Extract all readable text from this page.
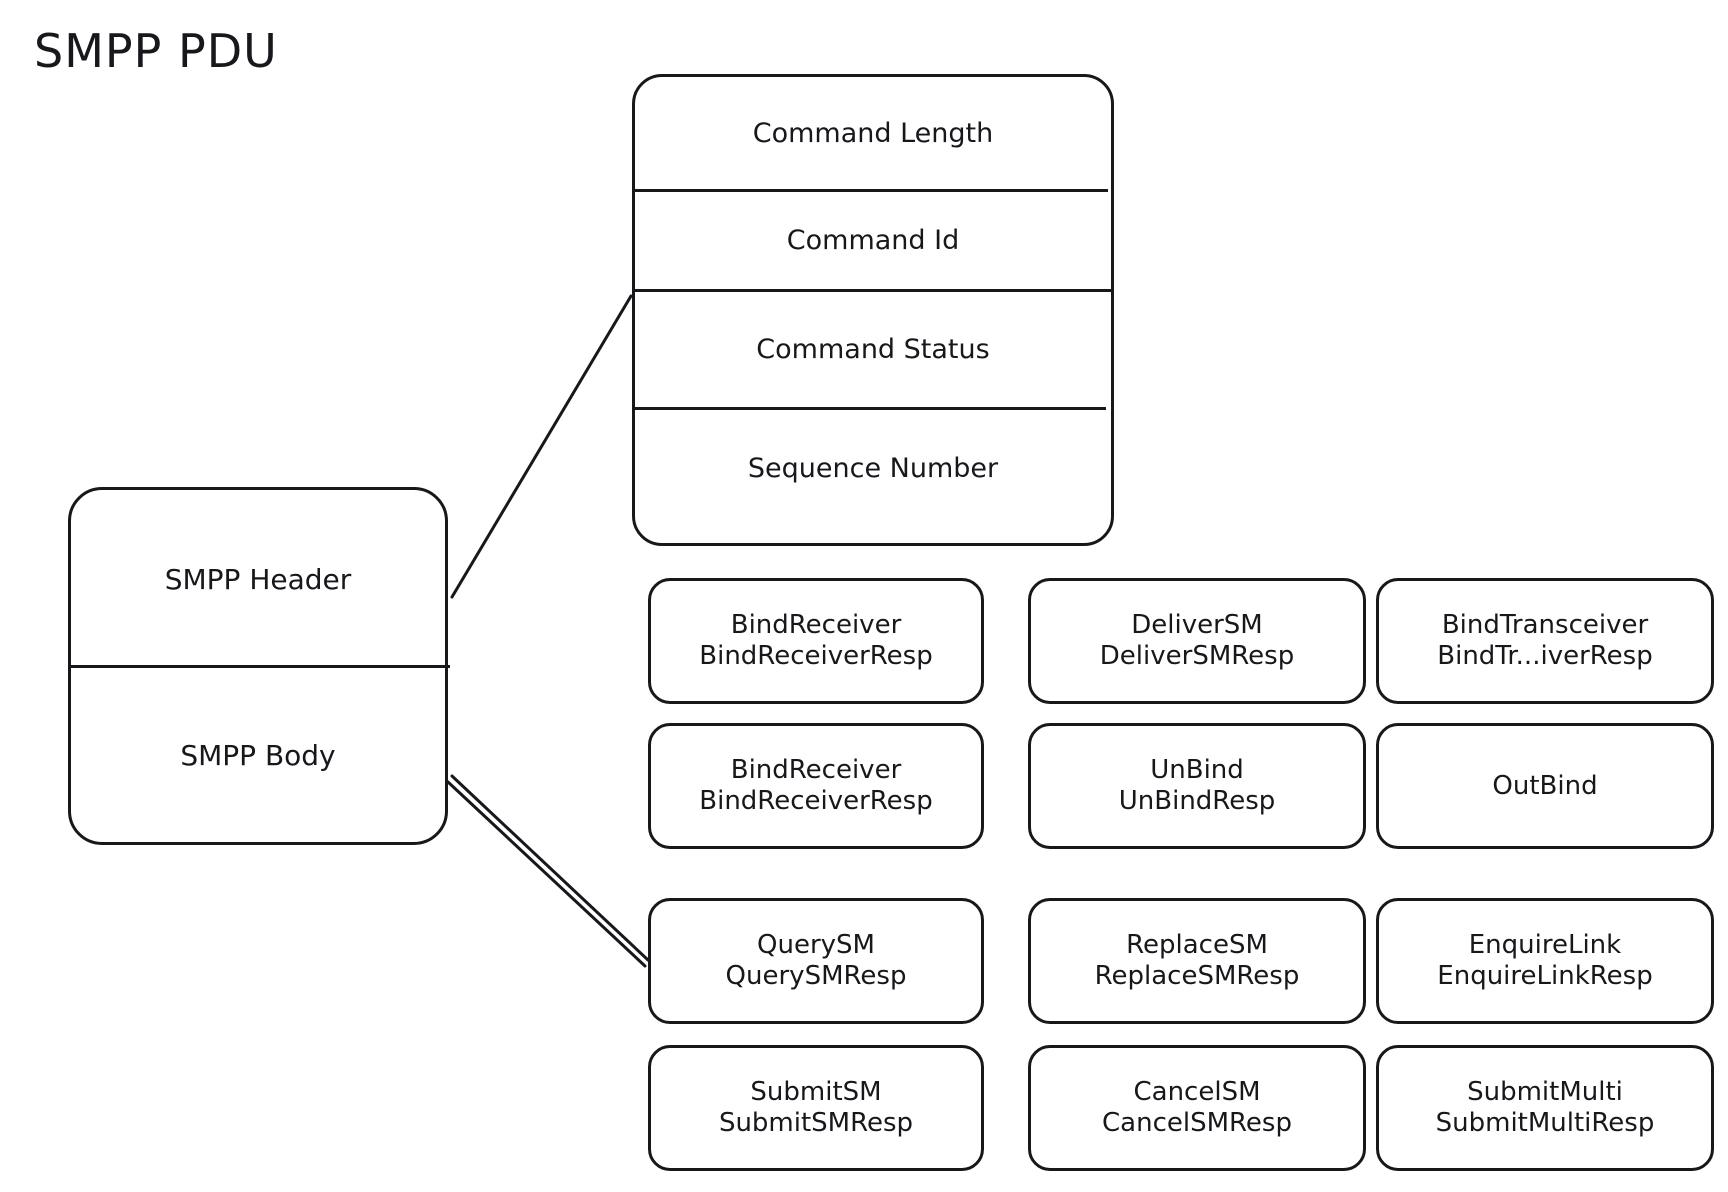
SMPP PDU
SMPP Header
SMPP Body
Command Length
Command Id
Command Status
Sequence Number
BindReceiver
BindReceiverResp
BindReceiver
BindReceiverResp
QuerySM
QuerySMResp
SubmitSM
SubmitSMResp
DeliverSM
DeliverSMResp
UnBind
UnBindResp
ReplaceSM
ReplaceSMResp
CancelSM
CancelSMResp
BindTransceiver
BindTr...iverResp
OutBind
EnquireLink
EnquireLinkResp
SubmitMulti
SubmitMultiResp
